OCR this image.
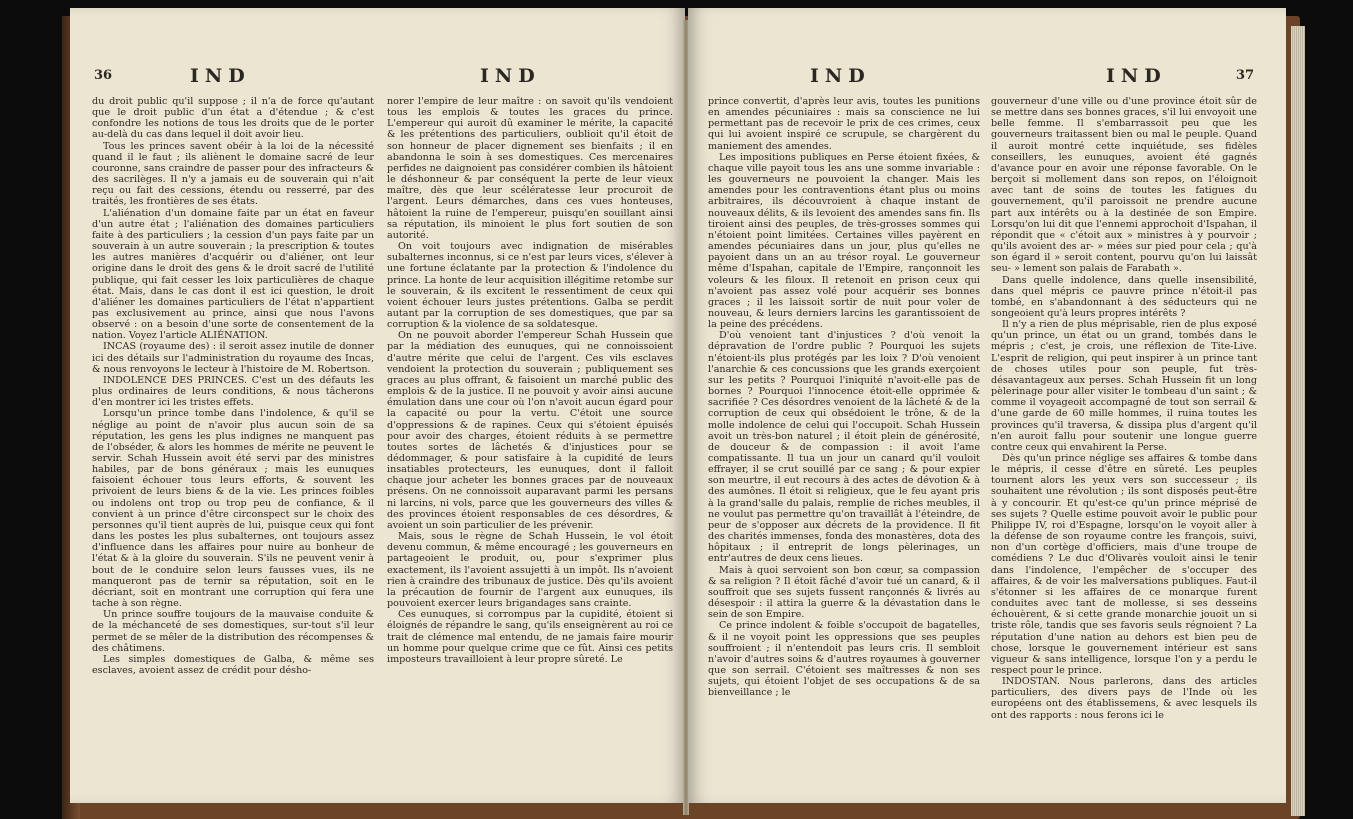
36	IND	IND

du droit public qu'il suppose ; il n'a de force qu'autant que le droit public d'un état a d'étendue ; & c'est confondre les notions de tous les droits que de le porter au-delà du cas dans lequel il doit avoir lieu.

Tous les princes savent obéir à la loi de la nécessité quand il le faut ; ils aliènent le domaine sacré de leur couronne, sans craindre de passer pour des infracteurs & des sacrilèges. Il n'y a jamais eu de souverain qui n'ait reçu ou fait des cessions, étendu ou resserré, par des traités, les frontières de ses états.

L'aliénation d'un domaine faite par un état en faveur d'un autre état ; l'aliénation des domaines particuliers faite à des particuliers ; la cession d'un pays faite par un souverain à un autre souverain ; la prescription & toutes les autres manières d'acquérir ou d'aliéner, ont leur origine dans le droit des gens & le droit sacré de l'utilité publique, qui fait cesser les loix particulières de chaque état. Mais, dans le cas dont il est ici question, le droit d'aliéner les domaines particuliers de l'état n'appartient pas exclusivement au prince, ainsi que nous l'avons observé : on a besoin d'une sorte de consentement de la nation. Voyez l'article ALIÉNATION.

INCAS (royaume des) : il seroit assez inutile de donner ici des détails sur l'administration du royaume des Incas, & nous renvoyons le lecteur à l'histoire de M. Robertson.

INDOLENCE DES PRINCES. C'est un des défauts les plus ordinaires de leurs conditions, & nous tâcherons d'en montrer ici les tristes effets.

Lorsqu'un prince tombe dans l'indolence, & qu'il se néglige au point de n'avoir plus aucun soin de sa réputation, les gens les plus indignes ne manquent pas de l'obséder, & alors les hommes de mérite ne peuvent le servir. Schah Hussein avoit été servi par des ministres habiles, par de bons généraux ; mais les eunuques faisoient échouer tous leurs efforts, & souvent les privoient de leurs biens & de la vie. Les princes foibles ou indolens ont trop ou trop peu de confiance, & il convient à un prince d'être circonspect sur le choix des personnes qu'il tient auprès de lui, puisque ceux qui font dans les postes les plus subalternes, ont toujours assez d'influence dans les affaires pour nuire au bonheur de l'état & à la gloire du souverain. S'ils ne peuvent venir à bout de le conduire selon leurs fausses vues, ils ne manqueront pas de ternir sa réputation, soit en le décriant, soit en montrant une corruption qui fera une tache à son règne.

Un prince souffre toujours de la mauvaise conduite & de la méchanceté de ses domestiques, sur-tout s'il leur permet de se mêler de la distribution des récompenses & des châtimens.

Les simples domestiques de Galba, & même ses esclaves, avoient assez de crédit pour désho-

norer l'empire de leur maître : on savoit qu'ils vendoient tous les emplois & toutes les graces du prince. L'empereur qui auroit dû examiner le mérite, la capacité & les prétentions des particuliers, oublioit qu'il étoit de son honneur de placer dignement ses bienfaits ; il en abandonna le soin à ses domestiques. Ces mercenaires perfides ne daignoient pas considérer combien ils hâtoient le déshonneur & par conséquent la perte de leur vieux maître, dès que leur scélératesse leur procuroit de l'argent. Leurs démarches, dans ces vues honteuses, hâtoient la ruine de l'empereur, puisqu'en souillant ainsi sa réputation, ils minoient le plus fort soutien de son autorité.

On voit toujours avec indignation de misérables subalternes inconnus, si ce n'est par leurs vices, s'élever à une fortune éclatante par la protection & l'indolence du prince. La honte de leur acquisition illégitime retombe sur le souverain, & ils excitent le ressentiment de ceux qui voient échouer leurs justes prétentions. Galba se perdit autant par la corruption de ses domestiques, que par sa corruption & la violence de sa soldatesque.

On ne pouvoit aborder l'empereur Schah Hussein que par la médiation des eunuques, qui ne connoissoient d'autre mérite que celui de l'argent. Ces vils esclaves vendoient la protection du souverain ; publiquement ses graces au plus offrant, & faisoient un marché public des emplois & de la justice. Il ne pouvoit y avoir ainsi aucune émulation dans une cour où l'on n'avoit aucun égard pour la capacité ou pour la vertu. C'étoit une source d'oppressions & de rapines. Ceux qui s'étoient épuisés pour avoir des charges, étoient réduits à se permettre toutes sortes de lâchetés & d'injustices pour se dédommager, & pour satisfaire à la cupidité de leurs insatiables protecteurs, les eunuques, dont il falloit chaque jour acheter les bonnes graces par de nouveaux présens. On ne connoissoit auparavant parmi les persans ni larcins, ni vols, parce que les gouverneurs des villes & des provinces étoient responsables de ces désordres, & avoient un soin particulier de les prévenir.

Mais, sous le règne de Schah Hussein, le vol étoit devenu commun, & même encouragé ; les gouverneurs en partageoient le produit, ou, pour s'exprimer plus exactement, ils l'avoient assujetti à un impôt. Ils n'avoient rien à craindre des tribunaux de justice. Dès qu'ils avoient la précaution de fournir de l'argent aux eunuques, ils pouvoient exercer leurs brigandages sans crainte.

Ces eunuques, si corrompus par la cupidité, étoient si éloignés de répandre le sang, qu'ils enseignèrent au roi ce trait de clémence mal entendu, de ne jamais faire mourir un homme pour quelque crime que ce fût. Ainsi ces petits imposteurs travailloient à leur propre sûreté. Le

IND	IND	37

prince convertit, d'après leur avis, toutes les punitions en amendes pécuniaires : mais sa conscience ne lui permettant pas de recevoir le prix de ces crimes, ceux qui lui avoient inspiré ce scrupule, se chargèrent du maniement des amendes.

Les impositions publiques en Perse étoient fixées, & chaque ville payoit tous les ans une somme invariable : les gouverneurs ne pouvoient la changer. Mais les amendes pour les contraventions étant plus ou moins arbitraires, ils découvroient à chaque instant de nouveaux délits, & ils levoient des amendes sans fin. Ils tiroient ainsi des peuples, de très-grosses sommes qui n'étoient point limitées. Certaines villes payèrent en amendes pécuniaires dans un jour, plus qu'elles ne payoient dans un an au trésor royal. Le gouverneur même d'Ispahan, capitale de l'Empire, rançonnoit les voleurs & les filoux. Il retenoit en prison ceux qui n'avoient pas assez volé pour acquérir ses bonnes graces ; il les laissoit sortir de nuit pour voler de nouveau, & leurs derniers larcins les garantissoient de la peine des précédens.

D'où venoient tant d'injustices ? d'où venoit la dépravation de l'ordre public ? Pourquoi les sujets n'étoient-ils plus protégés par les loix ? D'où venoient l'anarchie & ces concussions que les grands exerçoient sur les petits ? Pourquoi l'iniquité n'avoit-elle pas de bornes ? Pourquoi l'innocence étoit-elle opprimée & sacrifiée ? Ces désordres venoient de la lâcheté & de la corruption de ceux qui obsédoient le trône, & de la molle indolence de celui qui l'occupoit. Schah Hussein avoit un très-bon naturel ; il étoit plein de générosité, de douceur & de compassion : il avoit l'ame compatissante. Il tua un jour un canard qu'il vouloit effrayer, il se crut souillé par ce sang ; & pour expier son meurtre, il eut recours à des actes de dévotion & à des aumônes. Il étoit si religieux, que le feu ayant pris à la grand'salle du palais, remplie de riches meubles, il ne voulut pas permettre qu'on travaillât à l'éteindre, de peur de s'opposer aux décrets de la providence. Il fit des charités immenses, fonda des monastères, dota des hôpitaux ; il entreprit de longs pèlerinages, un entr'autres de deux cens lieues.

Mais à quoi servoient son bon cœur, sa compassion & sa religion ? Il étoit fâché d'avoir tué un canard, & il souffroit que ses sujets fussent rançonnés & livrés au désespoir : il attira la guerre & la dévastation dans le sein de son Empire.

Ce prince indolent & foible s'occupoit de bagatelles, & il ne voyoit point les oppressions que ses peuples souffroient ; il n'entendoit pas leurs cris. Il sembloit n'avoir d'autres soins & d'autres royaumes à gouverner que son serrail. C'étoient ses maîtresses & non ses sujets, qui étoient l'objet de ses occupations & de sa bienveillance ; le

gouverneur d'une ville ou d'une province étoit sûr de se mettre dans ses bonnes graces, s'il lui envoyoit une belle femme. Il s'embarrassoit peu que les gouverneurs traitassent bien ou mal le peuple. Quand il auroit montré cette inquiétude, ses fidèles conseillers, les eunuques, avoient été gagnés d'avance pour en avoir une réponse favorable. On le berçoit si mollement dans son repos, on l'éloignoit avec tant de soins de toutes les fatigues du gouvernement, qu'il paroissoit ne prendre aucune part aux intérêts ou à la destinée de son Empire. Lorsqu'on lui dit que l'ennemi approchoit d'Ispahan, il répondit que « c'étoit aux » ministres à y pourvoir ; qu'ils avoient des ar- » mées sur pied pour cela ; qu'à son égard il » seroit content, pourvu qu'on lui laissât seu- » lement son palais de Farabath ».

Dans quelle indolence, dans quelle insensibilité, dans quel mépris ce pauvre prince n'étoit-il pas tombé, en s'abandonnant à des séducteurs qui ne songeoient qu'à leurs propres intérêts ?

Il n'y a rien de plus méprisable, rien de plus exposé qu'un prince, un état ou un grand, tombés dans le mépris ; c'est, je crois, une réflexion de Tite-Live. L'esprit de religion, qui peut inspirer à un prince tant de choses utiles pour son peuple, fut très-désavantageux aux perses. Schah Hussein fit un long pèlerinage pour aller visiter le tombeau d'un saint ; & comme il voyageoit accompagné de tout son serrail & d'une garde de 60 mille hommes, il ruina toutes les provinces qu'il traversa, & dissipa plus d'argent qu'il n'en auroit fallu pour soutenir une longue guerre contre ceux qui envahirent la Perse.

Dès qu'un prince néglige ses affaires & tombe dans le mépris, il cesse d'être en sûreté. Les peuples tournent alors les yeux vers son successeur ; ils souhaitent une révolution ; ils sont disposés peut-être à y concourir. Et qu'est-ce qu'un prince méprisé de ses sujets ? Quelle estime pouvoit avoir le public pour Philippe IV, roi d'Espagne, lorsqu'on le voyoit aller à la défense de son royaume contre les françois, suivi, non d'un cortège d'officiers, mais d'une troupe de comédiens ? Le duc d'Olivarès vouloit ainsi le tenir dans l'indolence, l'empêcher de s'occuper des affaires, & de voir les malversations publiques. Faut-il s'étonner si les affaires de ce monarque furent conduites avec tant de mollesse, si ses desseins échouèrent, & si cette grande monarchie jouoit un si triste rôle, tandis que ses favoris seuls régnoient ? La réputation d'une nation au dehors est bien peu de chose, lorsque le gouvernement intérieur est sans vigueur & sans intelligence, lorsque l'on y a perdu le respect pour le prince.

INDOSTAN. Nous parlerons, dans des articles particuliers, des divers pays de l'Inde où les européens ont des établissemens, & avec lesquels ils ont des rapports : nous ferons ici le
